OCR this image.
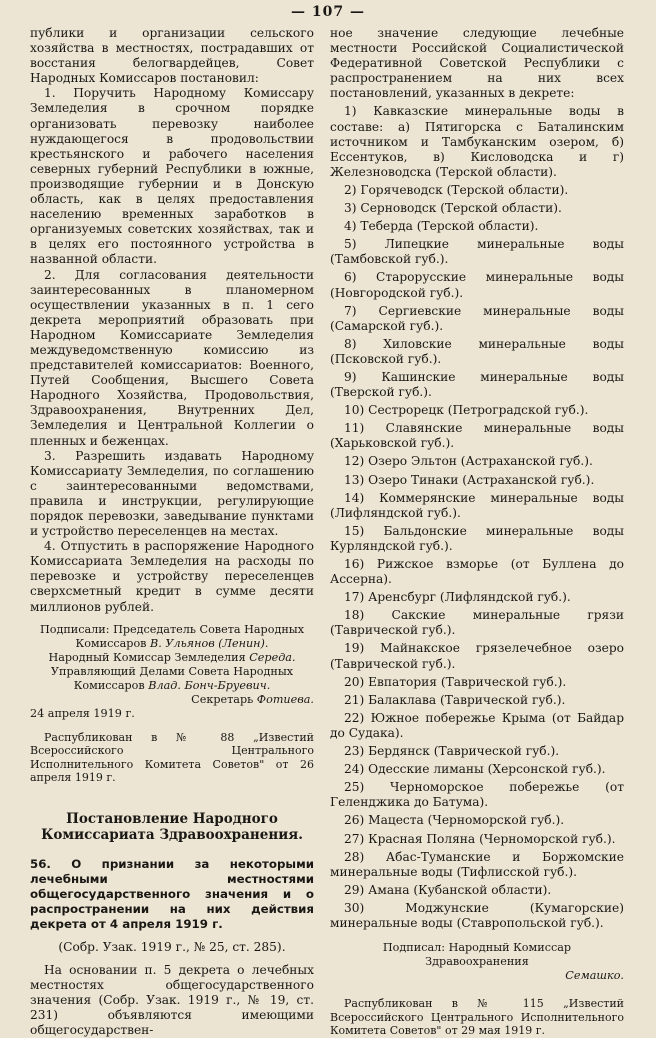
— 107 —

публики и организации сельского хозяйства в местностях, пострадавших от восстания белогвардейцев, Совет Народных Комиссаров постановил:

1. Поручить Народному Комиссару Земледелия в срочном порядке организовать перевозку наиболее нуждающегося в продовольствии крестьянского и рабочего населения северных губерний Республики в южные, производящие губернии и в Донскую область, как в целях предоставления населению временных заработков в организуемых советских хозяйствах, так и в целях его постоянного устройства в названной области.

2. Для согласования деятельности заинтересованных в планомерном осуществлении указанных в п. 1 сего декрета мероприятий образовать при Народном Комиссариате Земледелия междуведомственную комиссию из представителей комиссариатов: Военного, Путей Сообщения, Высшего Совета Народного Хозяйства, Продовольствия, Здравоохранения, Внутренних Дел, Земледелия и Центральной Коллегии о пленных и беженцах.

3. Разрешить издавать Народному Комиссариату Земледелия, по соглашению с заинтересованными ведомствами, правила и инструкции, регулирующие порядок перевозки, заведывание пунктами и устройство переселенцев на местах.

4. Отпустить в распоряжение Народного Комиссариата Земледелия на расходы по перевозке и устройству переселенцев сверхсметный кредит в сумме десяти миллионов рублей.

Подписали: Председатель Совета Народных

Комиссаров В. Ульянов (Ленин).

Народный Комиссар Земледелия Середа.

Управляющий Делами Совета Народных

Комиссаров Влад. Бонч-Бруевич.

Секретарь Фотиева.

24 апреля 1919 г.

Распубликован в № 88 „Известий Всероссийского Центрального Исполнительного Комитета Советов" от 26 апреля 1919 г.

Постановление Народного Комиссариата Здравоохранения.

56. О признании за некоторыми лечебными местностями общегосударственного значения и о распространении на них действия декрета от 4 апреля 1919 г.

(Собр. Узак. 1919 г., № 25, ст. 285).

На основании п. 5 декрета о лечебных местностях общегосударственного значения (Собр. Узак. 1919 г., № 19, ст. 231) объявляются имеющими общегосударствен-

ное значение следующие лечебные местности Российской Социалистической Федеративной Советской Республики с распространением на них всех постановлений, указанных в декрете:

1) Кавказские минеральные воды в составе: а) Пятигорска с Баталинским источником и Тамбуканским озером, б) Ессентуков, в) Кисловодска и г) Железноводска (Терской области).

2) Горячеводск (Терской области).

3) Серноводск (Терской области).

4) Теберда (Терской области).

5) Липецкие минеральные воды (Тамбовской губ.).

6) Старорусские минеральные воды (Новгородской губ.).

7) Сергиевские минеральные воды (Самарской губ.).

8) Хиловские минеральные воды (Псковской губ.).

9) Кашинские минеральные воды (Тверской губ.).

10) Сестрорецк (Петроградской губ.).

11) Славянские минеральные воды (Харьковской губ.).

12) Озеро Эльтон (Астраханской губ.).

13) Озеро Тинаки (Астраханской губ.).

14) Коммерянские минеральные воды (Лифляндской губ.).

15) Бальдонские минеральные воды Курляндской губ.).

16) Рижское взморье (от Буллена до Ассерна).

17) Аренсбург (Лифляндской губ.).

18) Сакские минеральные грязи (Таврической губ.).

19) Майнакское грязелечебное озеро (Таврической губ.).

20) Евпатория (Таврической губ.).

21) Балаклава (Таврической губ.).

22) Южное побережье Крыма (от Байдар до Судака).

23) Бердянск (Таврической губ.).

24) Одесские лиманы (Херсонской губ.).

25) Черноморское побережье (от Геленджика до Батума).

26) Мацеста (Черноморской губ.).

27) Красная Поляна (Черноморской губ.).

28) Абас-Туманские и Боржомские минеральные воды (Тифлисской губ.).

29) Амана (Кубанской области).

30) Моджунские (Кумагорские) минеральные воды (Ставропольской губ.).

Подписал: Народный Комиссар Здравоохранения

Семашко.

Распубликован в № 115 „Известий Всероссийского Центрального Исполнительного Комитета Советов" от 29 мая 1919 г.
